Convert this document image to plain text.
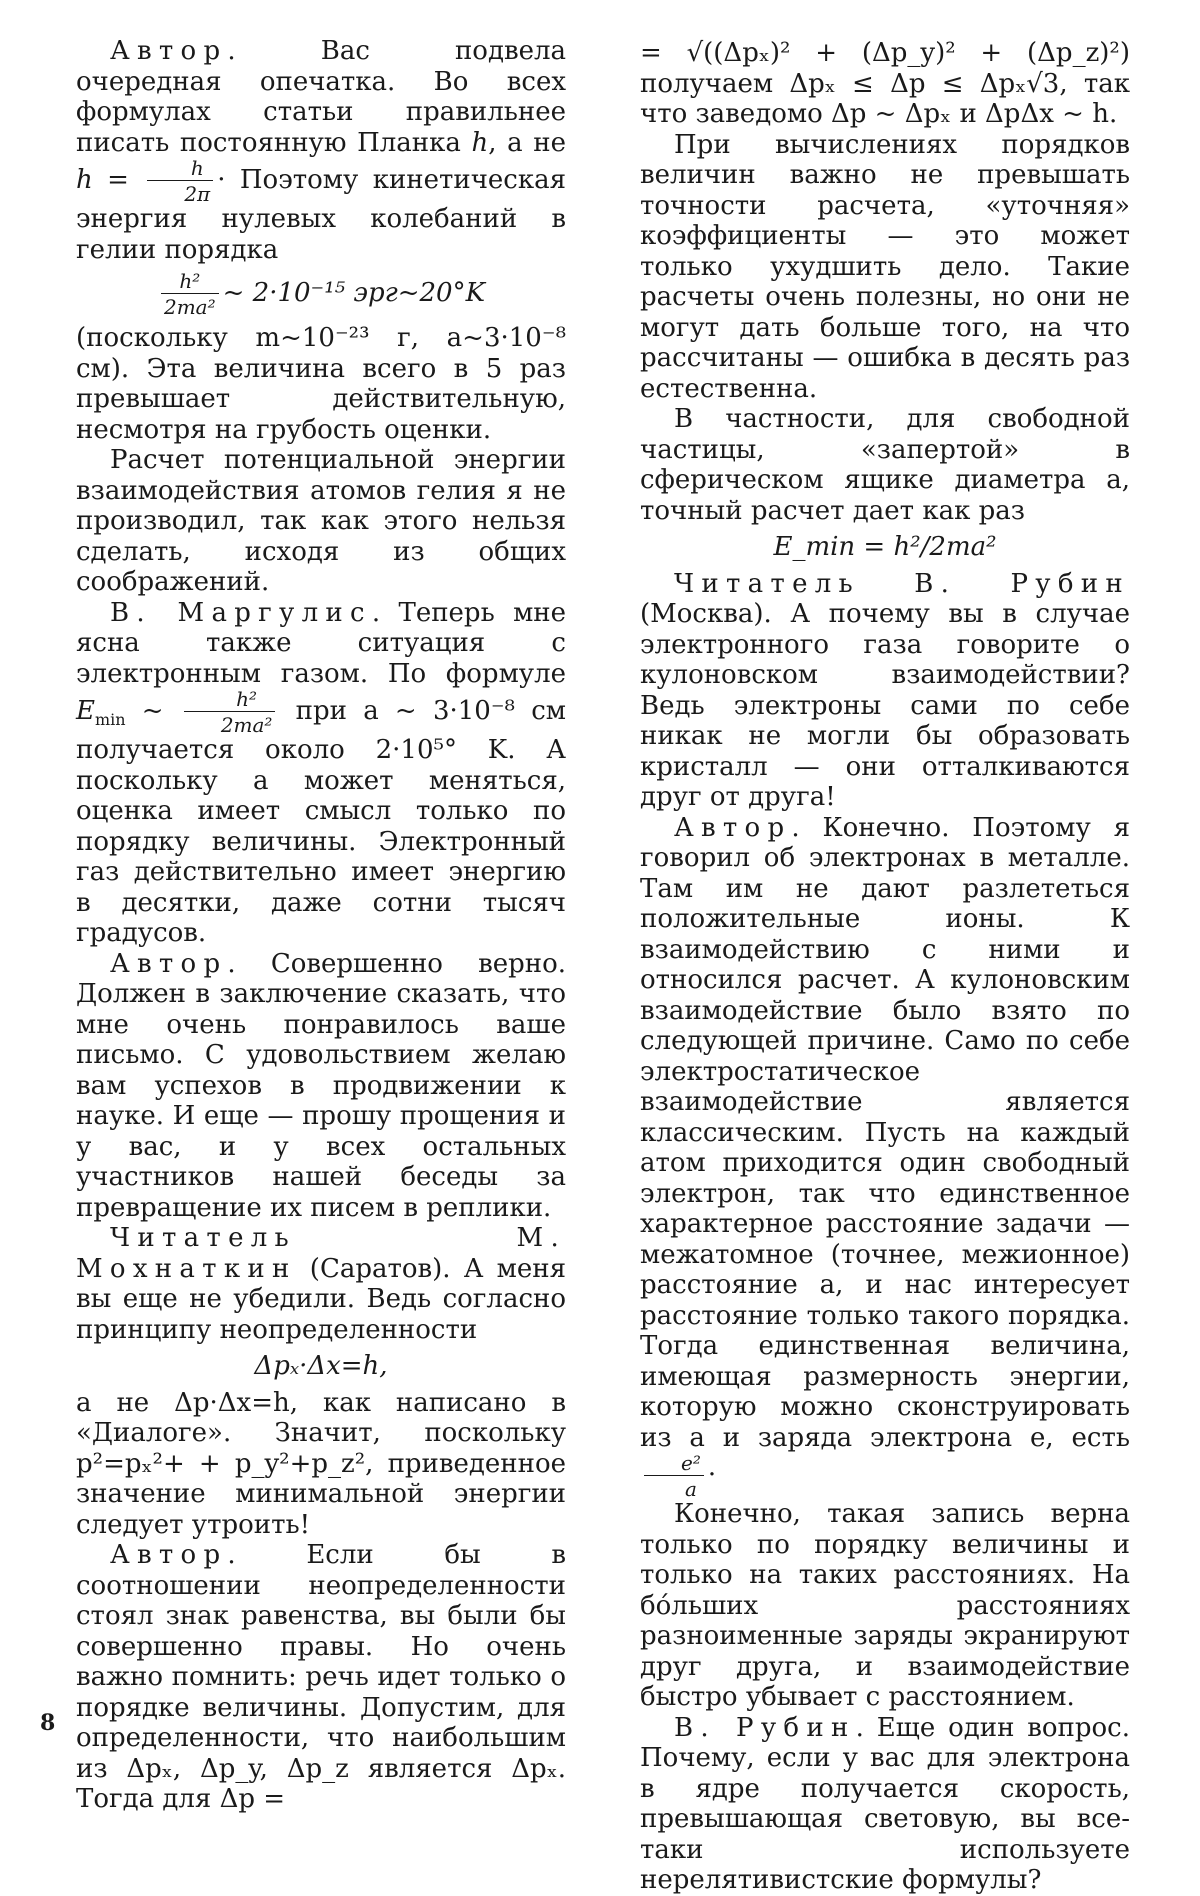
Автор. Вас подвела очередная опечатка. Во всех формулах статьи правильнее писать постоянную Планка h, а не $h = \frac{h}{2\pi}$ · Поэтому кинетическая энергия нулевых колебаний в гелии порядка

$\frac{\text{h²}}{\text{2ma²}}$ ~ 2·10⁻¹⁵ эрг~20°K

(поскольку m~10⁻²³ г, a~3·10⁻⁸ см). Эта величина всего в 5 раз превышает действительную, несмотря на грубость оценки.

Расчет потенциальной энергии взаимодействия атомов гелия я не производил, так как этого нельзя сделать, исходя из общих соображений.

В. Маргулис. Теперь мне ясна также ситуация с электронным газом. По формуле $E_{min}$ ~ $\frac{\text{h²}}{\text{2ma²}}$ при a ~ 3·10⁻⁸ см получается около 2·10⁵° K. А поскольку a может меняться, оценка имеет смысл только по порядку величины. Электронный газ действительно имеет энергию в десятки, даже сотни тысяч градусов.

Автор. Совершенно верно. Должен в заключение сказать, что мне очень понравилось ваше письмо. С удовольствием желаю вам успехов в продвижении к науке. И еще — прошу прощения и у вас, и у всех остальных участников нашей беседы за превращение их писем в реплики.

Читатель М. Мохнаткин (Саратов). А меня вы еще не убедили. Ведь согласно принципу неопределенности

Δpₓ·Δx=h,

а не Δp·Δx=h, как написано в «Диалоге». Значит, поскольку p²=pₓ²+ + p_y²+p_z², приведенное значение минимальной энергии следует утроить!

Автор. Если бы в соотношении неопределенности стоял знак равенства, вы были бы совершенно правы. Но очень важно помнить: речь идет только о порядке величины. Допустим, для определенности, что наибольшим из Δpₓ, Δp_y, Δp_z является Δpₓ. Тогда для Δp =

= √((Δpₓ)² + (Δp_y)² + (Δp_z)²) получаем Δpₓ ≤ Δp ≤ Δpₓ√3, так что заведомо Δp ~ Δpₓ и ΔpΔx ~ h.

При вычислениях порядков величин важно не превышать точности расчета, «уточняя» коэффициенты — это может только ухудшить дело. Такие расчеты очень полезны, но они не могут дать больше того, на что рассчитаны — ошибка в десять раз естественна.

В частности, для свободной частицы, «запертой» в сферическом ящике диаметра a, точный расчет дает как раз

E_min = h²/2ma²

Читатель В. Рубин (Москва). А почему вы в случае электронного газа говорите о кулоновском взаимодействии? Ведь электроны сами по себе никак не могли бы образовать кристалл — они отталкиваются друг от друга!

Автор. Конечно. Поэтому я говорил об электронах в металле. Там им не дают разлететься положительные ионы. К взаимодействию с ними и относился расчет. А кулоновским взаимодействие было взято по следующей причине. Само по себе электростатическое взаимодействие является классическим. Пусть на каждый атом приходится один свободный электрон, так что единственное характерное расстояние задачи — межатомное (точнее, межионное) расстояние a, и нас интересует расстояние только такого порядка. Тогда единственная величина, имеющая размерность энергии, которую можно сконструировать из a и заряда электрона e, есть
$\frac{\text{e²}}{a}$ ·

Конечно, такая запись верна только по порядку величины и только на таких расстояниях. На бóльших расстояниях разноименные заряды экранируют друг друга, и взаимодействие быстро убывает с расстоянием.

В. Рубин. Еще один вопрос. Почему, если у вас для электрона в ядре получается скорость, превышающая световую, вы все-таки используете нерелятивистские формулы?

8
